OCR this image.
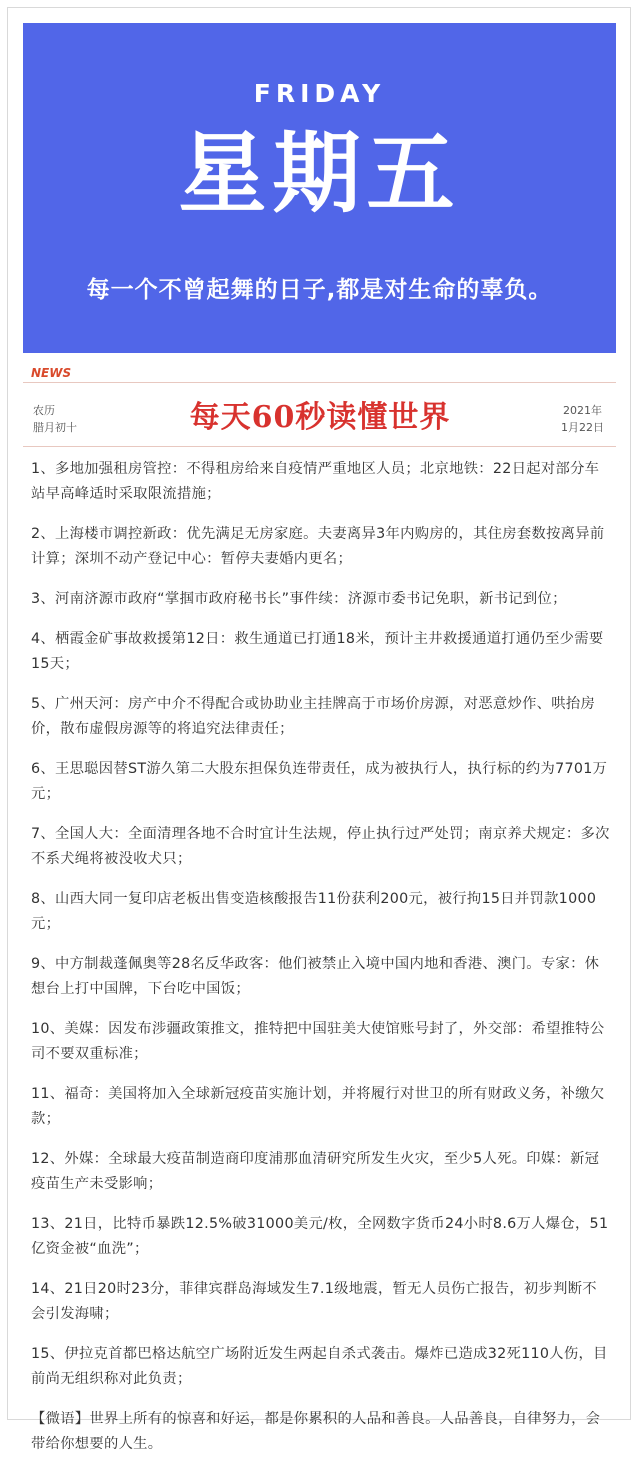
FRIDAY
星期五
每一个不曾起舞的日子,都是对生命的辜负。
NEWS
农历
腊月初十	每天60秒读懂世界	2021年
1月22日
1、多地加强租房管控：不得租房给来自疫情严重地区人员；北京地铁：22日起对部分车站早高峰适时采取限流措施；
2、上海楼市调控新政：优先满足无房家庭。夫妻离异3年内购房的，其住房套数按离异前计算；深圳不动产登记中心：暂停夫妻婚内更名；
3、河南济源市政府“掌掴市政府秘书长”事件续：济源市委书记免职，新书记到位；
4、栖霞金矿事故救援第12日：救生通道已打通18米，预计主井救援通道打通仍至少需要15天；
5、广州天河：房产中介不得配合或协助业主挂牌高于市场价房源，对恶意炒作、哄抬房价，散布虚假房源等的将追究法律责任；
6、王思聪因替ST游久第二大股东担保负连带责任，成为被执行人，执行标的约为7701万元；
7、全国人大：全面清理各地不合时宜计生法规，停止执行过严处罚；南京养犬规定：多次不系犬绳将被没收犬只；
8、山西大同一复印店老板出售变造核酸报告11份获利200元，被行拘15日并罚款1000元；
9、中方制裁蓬佩奥等28名反华政客：他们被禁止入境中国内地和香港、澳门。专家：休想台上打中国牌，下台吃中国饭；
10、美媒：因发布涉疆政策推文，推特把中国驻美大使馆账号封了，外交部：希望推特公司不要双重标准；
11、福奇：美国将加入全球新冠疫苗实施计划，并将履行对世卫的所有财政义务，补缴欠款；
12、外媒：全球最大疫苗制造商印度浦那血清研究所发生火灾，至少5人死。印媒：新冠疫苗生产未受影响；
13、21日，比特币暴跌12.5%破31000美元/枚，全网数字货币24小时8.6万人爆仓，51亿资金被“血洗”；
14、21日20时23分，菲律宾群岛海域发生7.1级地震，暂无人员伤亡报告，初步判断不会引发海啸；
15、伊拉克首都巴格达航空广场附近发生两起自杀式袭击。爆炸已造成32死110人伤，目前尚无组织称对此负责；
【微语】世界上所有的惊喜和好运，都是你累积的人品和善良。人品善良，自律努力，会带给你想要的人生。
